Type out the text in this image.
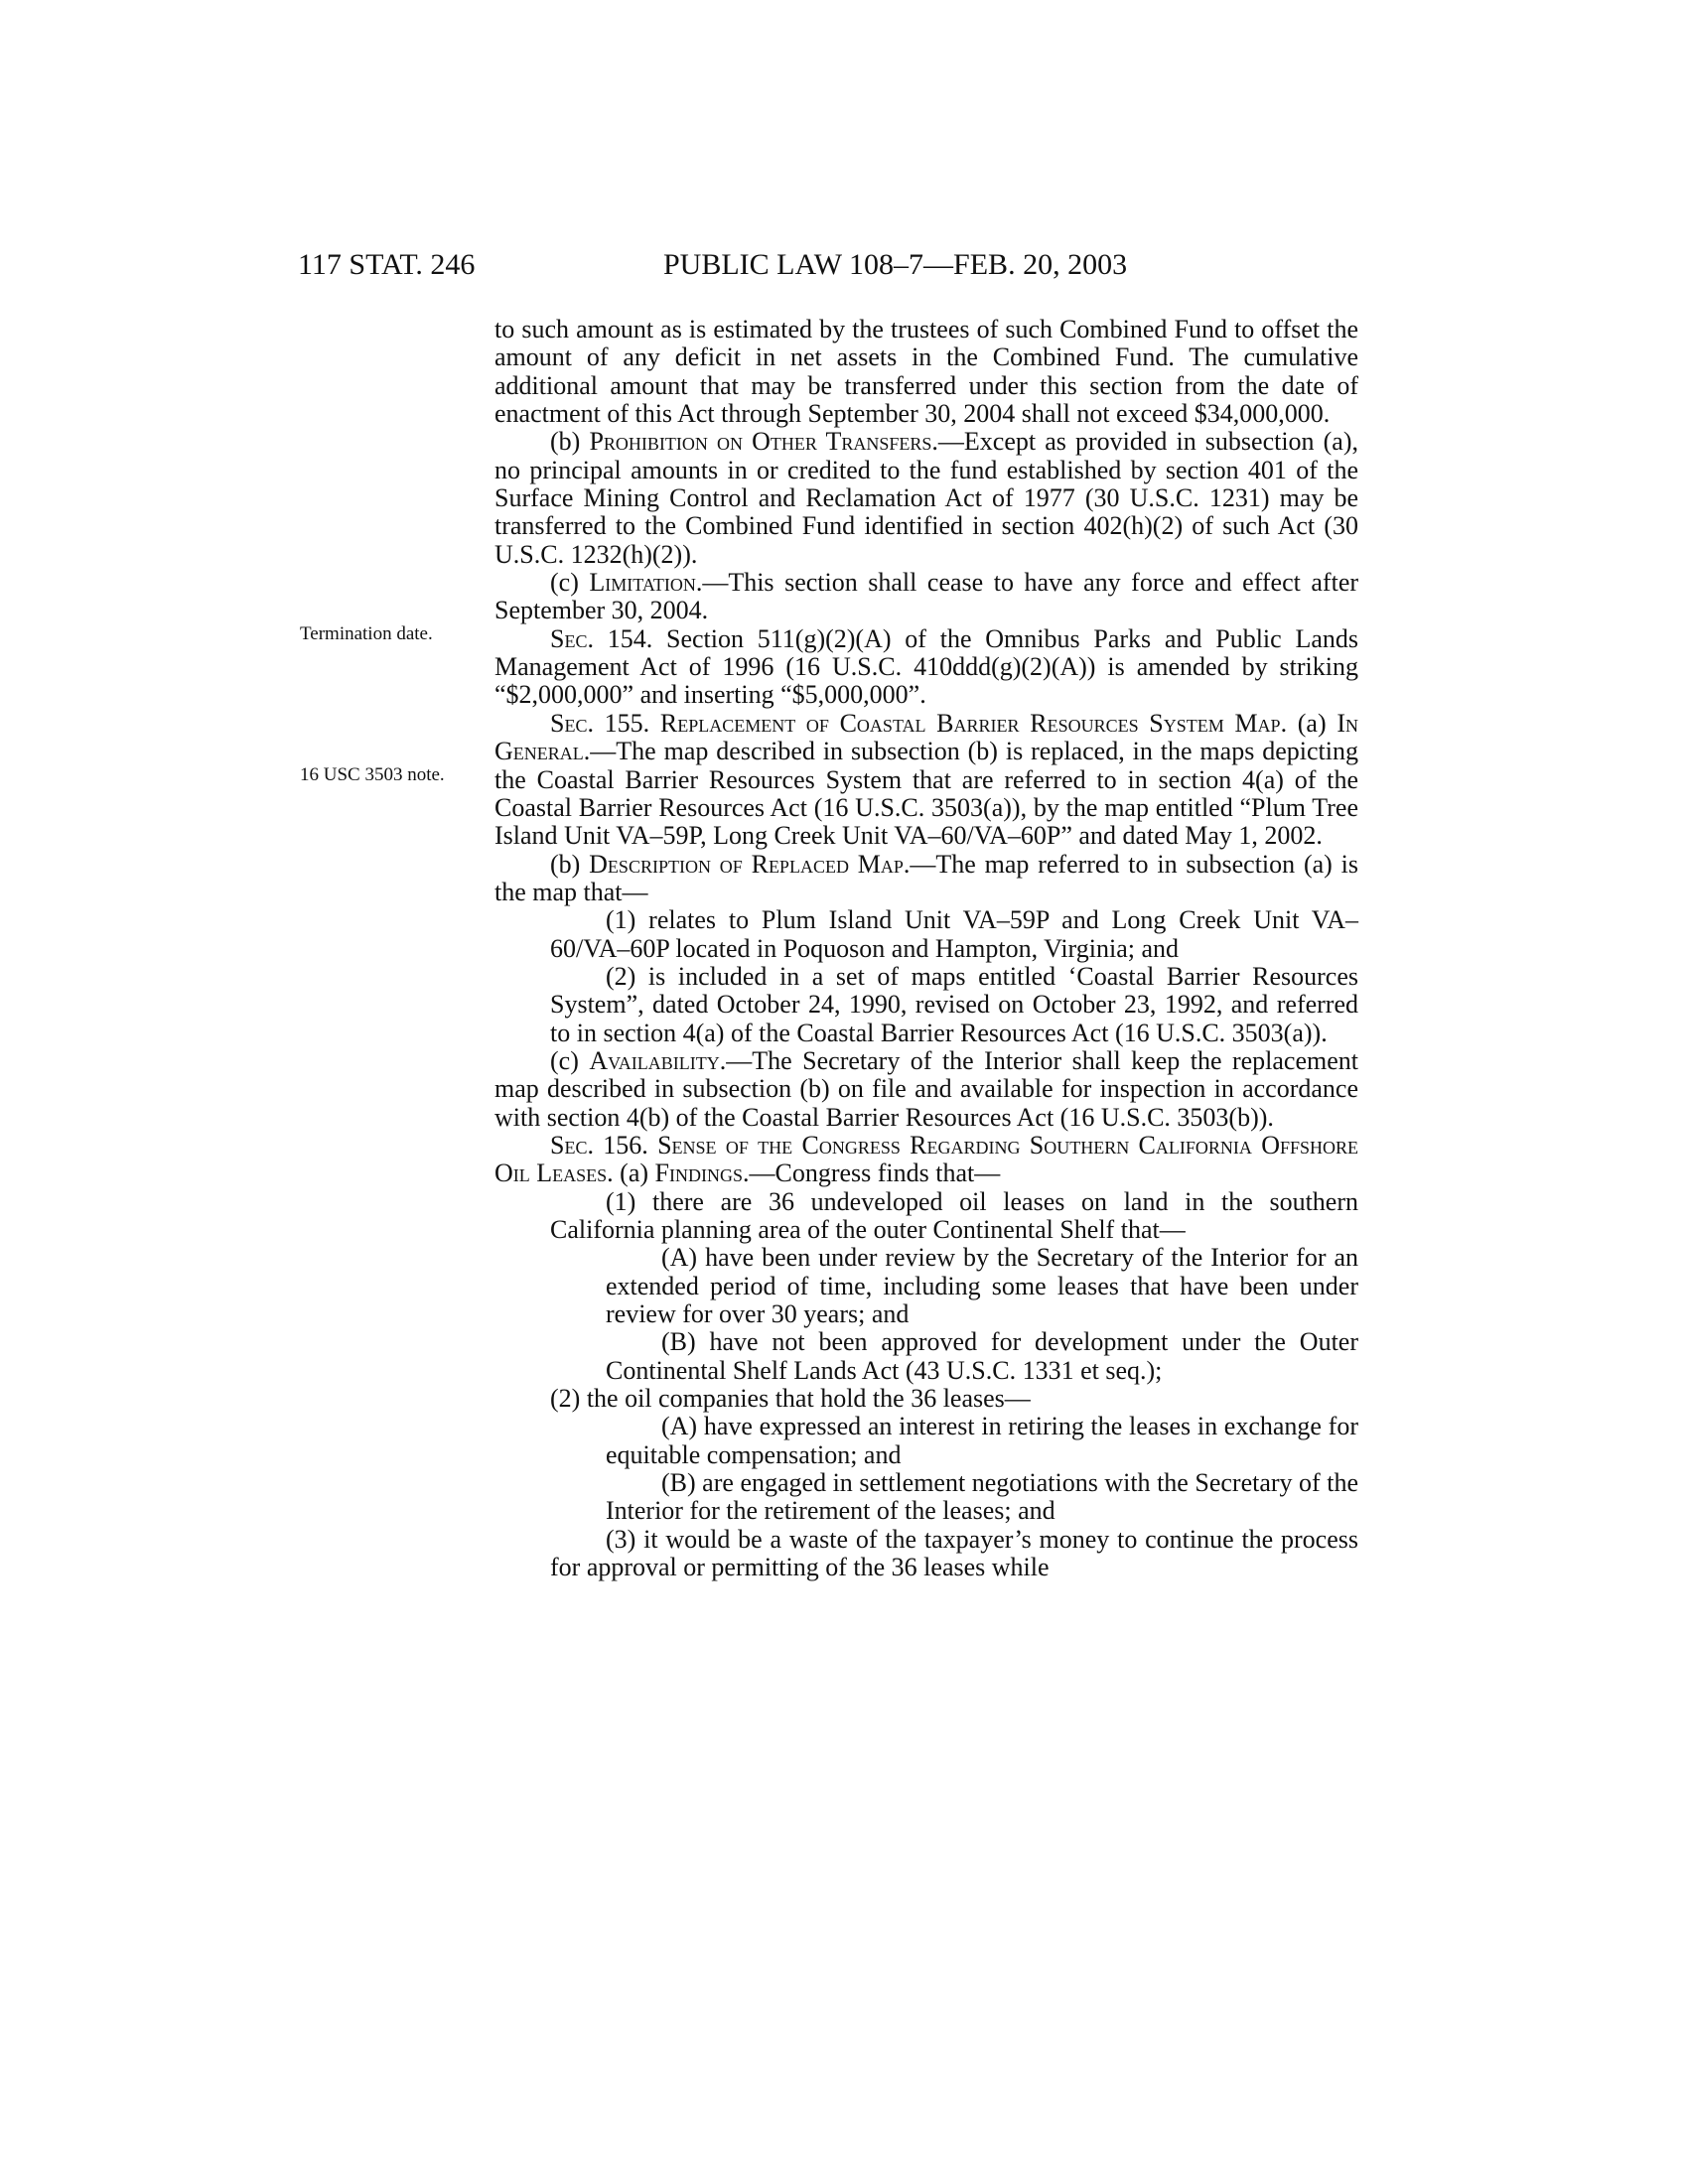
117 STAT. 246	PUBLIC LAW 108–7—FEB. 20, 2003
Termination date.
16 USC 3503 note.

to such amount as is estimated by the trustees of such Combined Fund to offset the amount of any deficit in net assets in the Combined Fund. The cumulative additional amount that may be transferred under this section from the date of enactment of this Act through September 30, 2004 shall not exceed $34,000,000.

(b) Prohibition on Other Transfers.—Except as provided in subsection (a), no principal amounts in or credited to the fund established by section 401 of the Surface Mining Control and Reclamation Act of 1977 (30 U.S.C. 1231) may be transferred to the Combined Fund identified in section 402(h)(2) of such Act (30 U.S.C. 1232(h)(2)).

(c) Limitation.—This section shall cease to have any force and effect after September 30, 2004.

Sec. 154. Section 511(g)(2)(A) of the Omnibus Parks and Public Lands Management Act of 1996 (16 U.S.C. 410ddd(g)(2)(A)) is amended by striking “$2,000,000” and inserting “$5,000,000”.

Sec. 155. Replacement of Coastal Barrier Resources System Map. (a) In General.—The map described in subsection (b) is replaced, in the maps depicting the Coastal Barrier Resources System that are referred to in section 4(a) of the Coastal Barrier Resources Act (16 U.S.C. 3503(a)), by the map entitled “Plum Tree Island Unit VA–59P, Long Creek Unit VA–60/VA–60P” and dated May 1, 2002.

(b) Description of Replaced Map.—The map referred to in subsection (a) is the map that—

(1) relates to Plum Island Unit VA–59P and Long Creek Unit VA–60/VA–60P located in Poquoson and Hampton, Virginia; and

(2) is included in a set of maps entitled ‘Coastal Barrier Resources System”, dated October 24, 1990, revised on October 23, 1992, and referred to in section 4(a) of the Coastal Barrier Resources Act (16 U.S.C. 3503(a)).

(c) Availability.—The Secretary of the Interior shall keep the replacement map described in subsection (b) on file and available for inspection in accordance with section 4(b) of the Coastal Barrier Resources Act (16 U.S.C. 3503(b)).

Sec. 156. Sense of the Congress Regarding Southern California Offshore Oil Leases. (a) Findings.—Congress finds that—

(1) there are 36 undeveloped oil leases on land in the southern California planning area of the outer Continental Shelf that—

(A) have been under review by the Secretary of the Interior for an extended period of time, including some leases that have been under review for over 30 years; and

(B) have not been approved for development under the Outer Continental Shelf Lands Act (43 U.S.C. 1331 et seq.);

(2) the oil companies that hold the 36 leases—

(A) have expressed an interest in retiring the leases in exchange for equitable compensation; and

(B) are engaged in settlement negotiations with the Secretary of the Interior for the retirement of the leases; and

(3) it would be a waste of the taxpayer’s money to continue the process for approval or permitting of the 36 leases while
